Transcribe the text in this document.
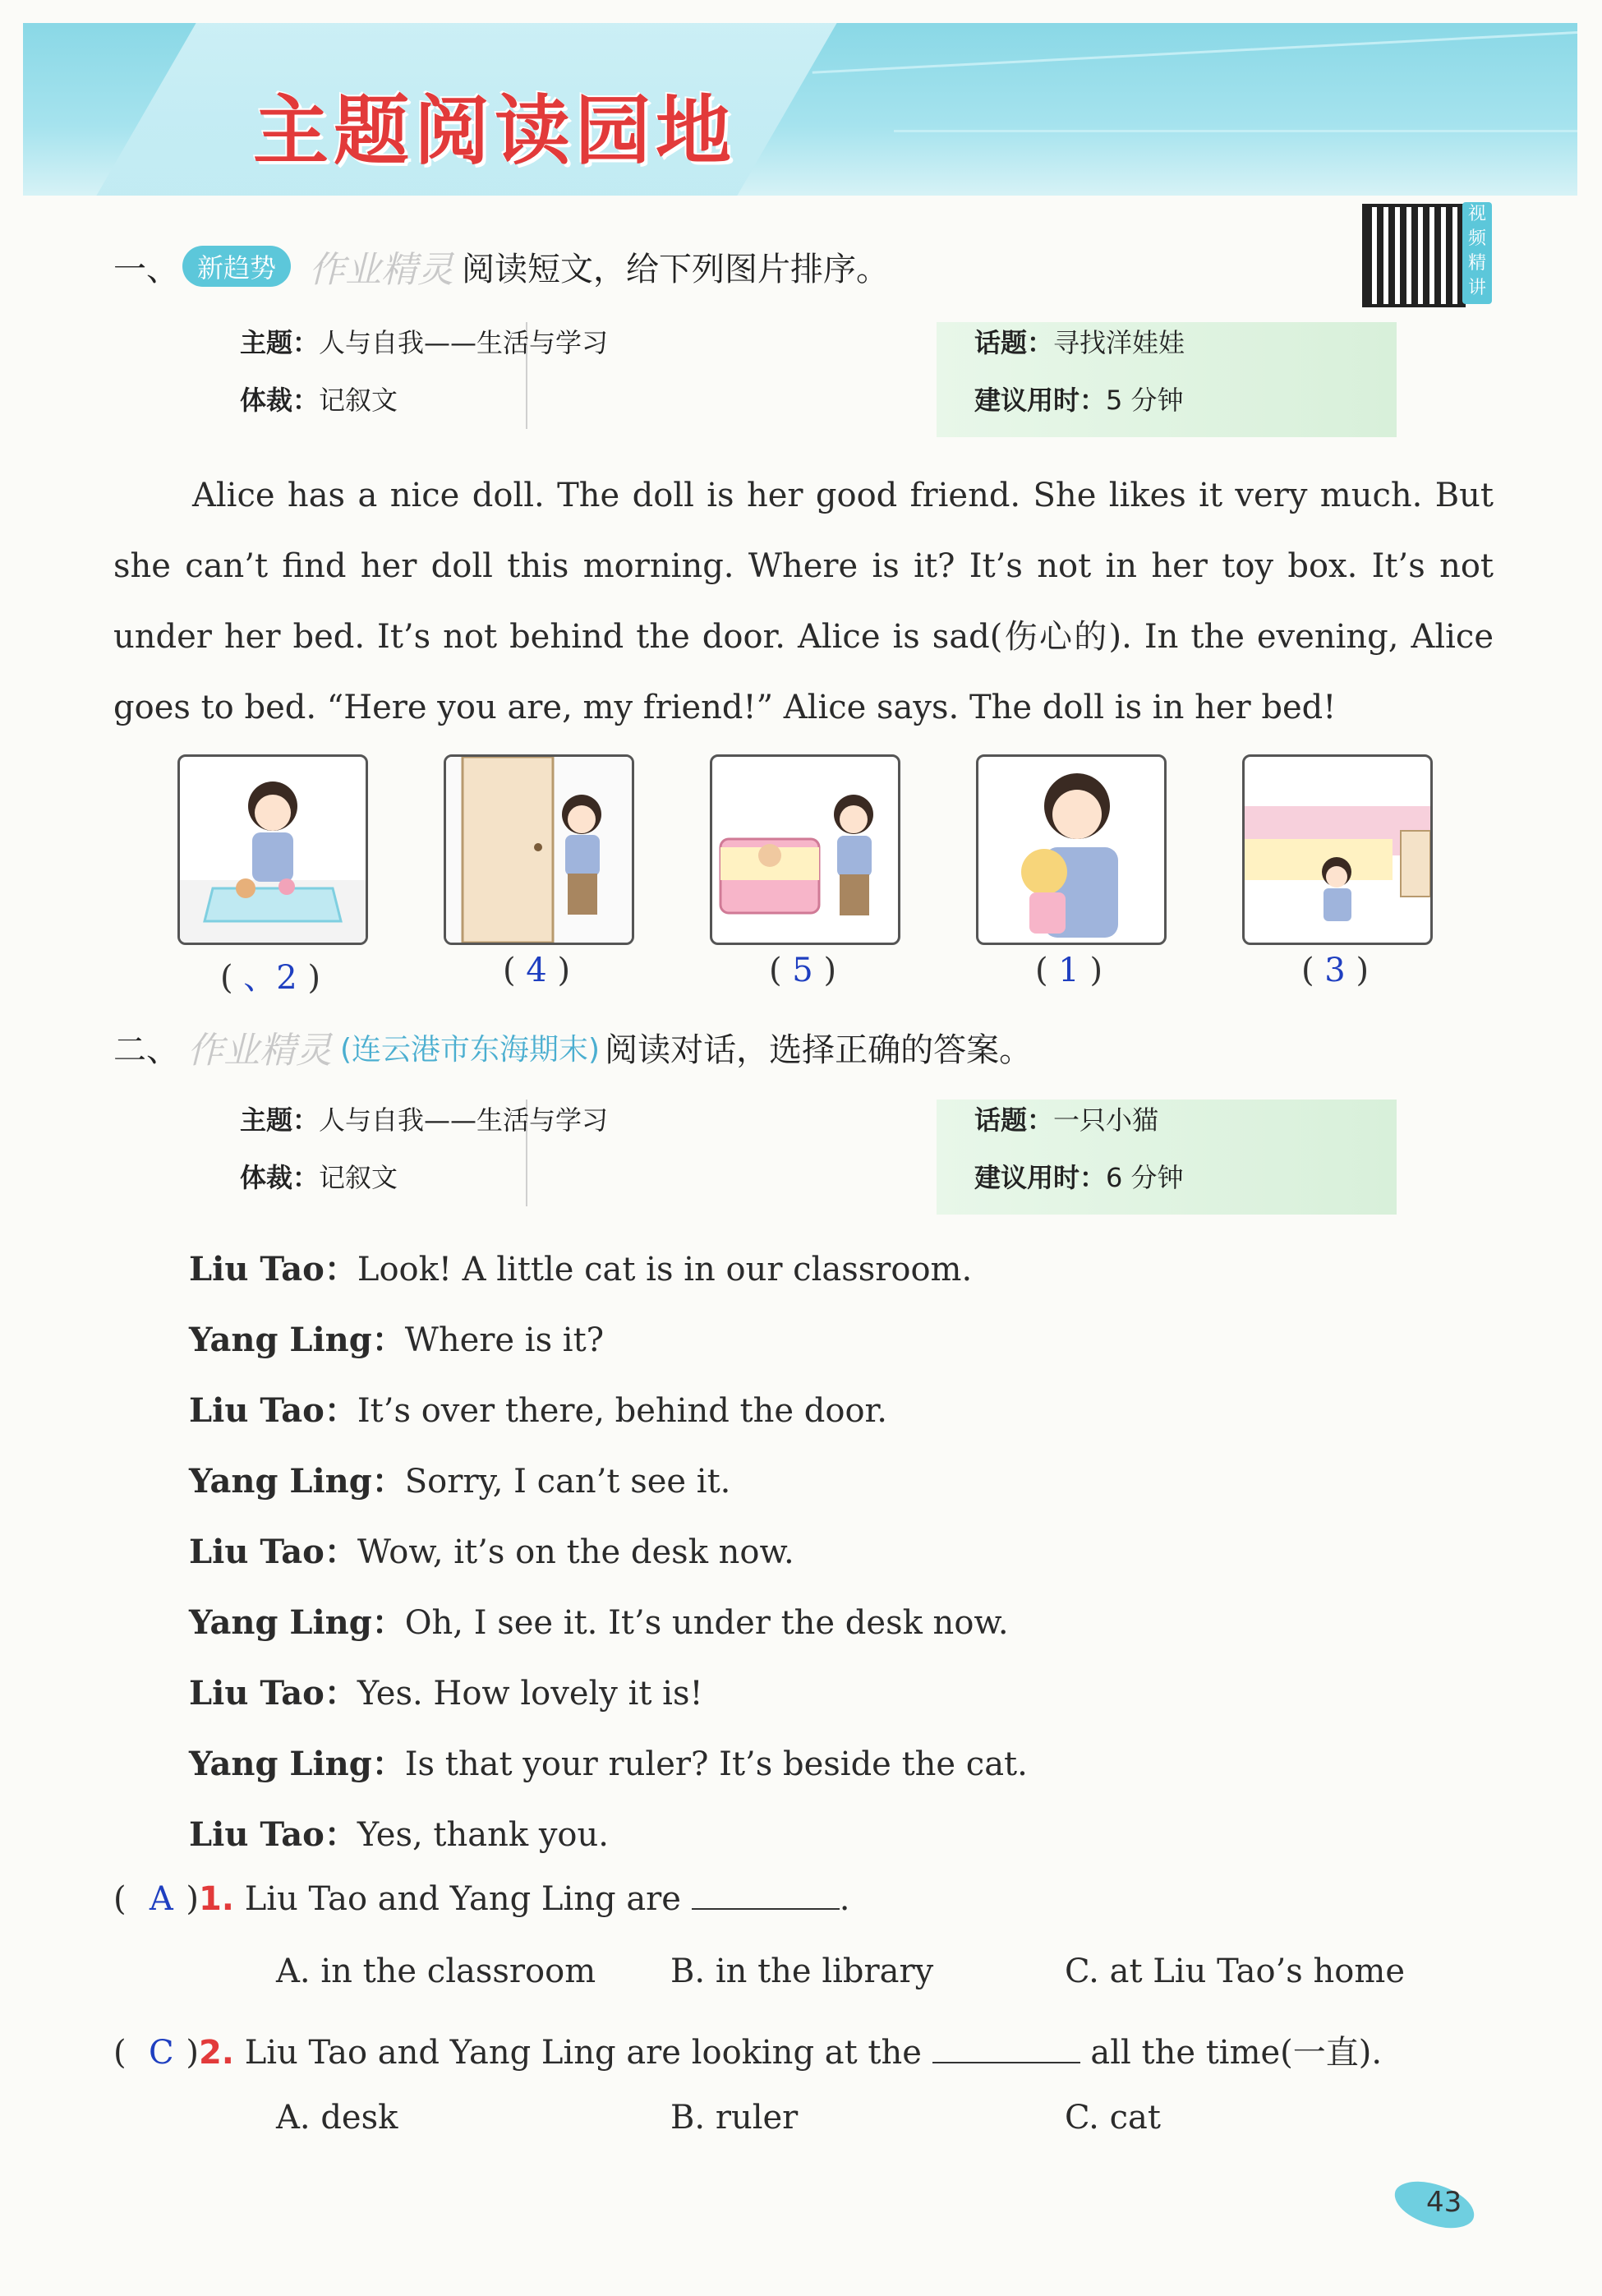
主题阅读园地
一、 新趋势 作业精灵 阅读短文，给下列图片排序。
视频精讲
主题：人与自我——生活与学习
体裁：记叙文
话题：寻找洋娃娃
建议用时：5 分钟

Alice has a nice doll. The doll is her good friend. She likes it very much. But she can’t find her doll this morning. Where is it? It’s not in her toy box. It’s not under her bed. It’s not behind the door. Alice is sad(伤心的). In the evening, Alice goes to bed. “Here you are, my friend!” Alice says. The doll is in her bed!

( 、2 )	( 4 )	( 5 )	( 1 )	( 3 )
二、 作业精灵 (连云港市东海期末) 阅读对话，选择正确的答案。
主题：人与自我——生活与学习
体裁：记叙文
话题：一只小猫
建议用时：6 分钟
Liu Tao：Look! A little cat is in our classroom.
Yang Ling：Where is it?
Liu Tao：It’s over there, behind the door.
Yang Ling：Sorry, I can’t see it.
Liu Tao：Wow, it’s on the desk now.
Yang Ling：Oh, I see it. It’s under the desk now.
Liu Tao：Yes. How lovely it is!
Yang Ling：Is that your ruler? It’s beside the cat.
Liu Tao：Yes, thank you.
( A )1. Liu Tao and Yang Ling are	.
A. in the classroom B. in the library	C. at Liu Tao’s home
( C )2. Liu Tao and Yang Ling are looking at the	all the time(一直).
A. desk	B. ruler	C. cat
43
